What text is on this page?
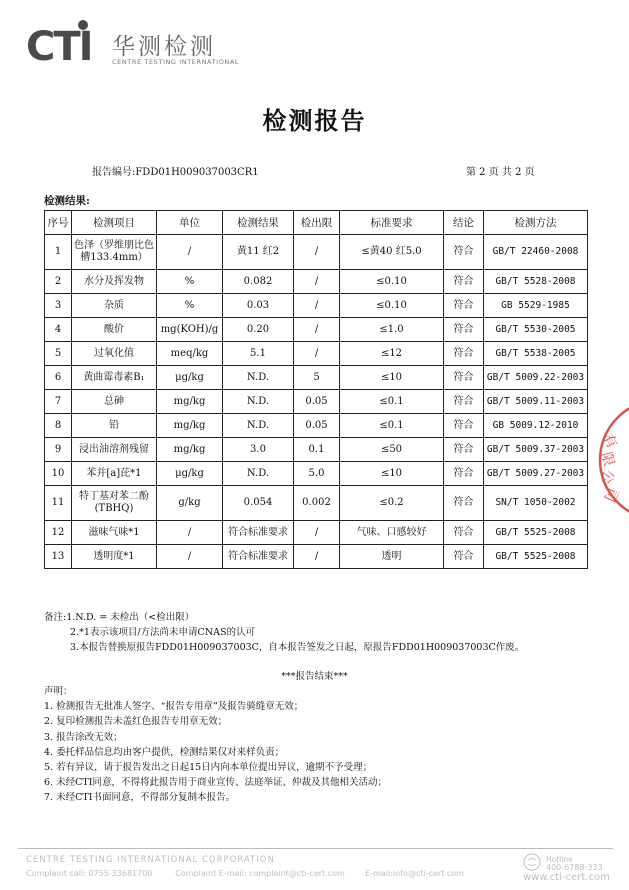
CTI 华测检测
CENTRE TESTING INTERNATIONAL
检测报告
报告编号:FDD01H009037003CR1	第 2 页 共 2 页
检测结果:
序号	检测项目	单位	检测结果	检出限	标准要求	结论	检测方法
1	色泽（罗维朋比色槽133.4mm）	/	黄11 红2	/	≤黄40 红5.0	符合	GB/T 22460-2008
2	水分及挥发物	%	0.082	/	≤0.10	符合	GB/T 5528-2008
3	杂质	%	0.03	/	≤0.10	符合	GB 5529-1985
4	酸价	mg(KOH)/g	0.20	/	≤1.0	符合	GB/T 5530-2005
5	过氧化值	meq/kg	5.1	/	≤12	符合	GB/T 5538-2005
6	黄曲霉毒素B₁	μg/kg	N.D.	5	≤10	符合	GB/T 5009.22-2003
7	总砷	mg/kg	N.D.	0.05	≤0.1	符合	GB/T 5009.11-2003
8	铅	mg/kg	N.D.	0.05	≤0.1	符合	GB 5009.12-2010
9	浸出油溶剂残留	mg/kg	3.0	0.1	≤50	符合	GB/T 5009.37-2003
10	苯并[a]芘*1	μg/kg	N.D.	5.0	≤10	符合	GB/T 5009.27-2003
11	特丁基对苯二酚(TBHQ)	g/kg	0.054	0.002	≤0.2	符合	SN/T 1050-2002
12	滋味气味*1	/	符合标准要求	/	气味、口感较好	符合	GB/T 5525-2008
13	透明度*1	/	符合标准要求	/	透明	符合	GB/T 5525-2008
备注:1.N.D. = 未检出（<检出限）
2.*1表示该项目/方法尚未申请CNAS的认可
3.本报告替换原报告FDD01H009037003C，自本报告签发之日起，原报告FDD01H009037003C作废。
***报告结束***
声明：
1. 检测报告无批准人签字、“报告专用章”及报告骑缝章无效；
2. 复印检测报告未盖红色报告专用章无效；
3. 报告涂改无效；
4. 委托样品信息均由客户提供，检测结果仅对来样负责；
5. 若有异议，请于报告发出之日起15日内向本单位提出异议，逾期不予受理；
6. 未经CTI同意，不得将此报告用于商业宣传、法庭举证、仲裁及其他相关活动；
7. 未经CTI书面同意，不得部分复制本报告。
有
限
公
司
CENTRE TESTING INTERNATIONAL CORPORATION
Complaint call: 0755-33681700	Complaint E-mail: complaint@cti-cert.com	E-mail:info@cti-cert.com
Hotline
400-6788-333
www.cti-cert.com
